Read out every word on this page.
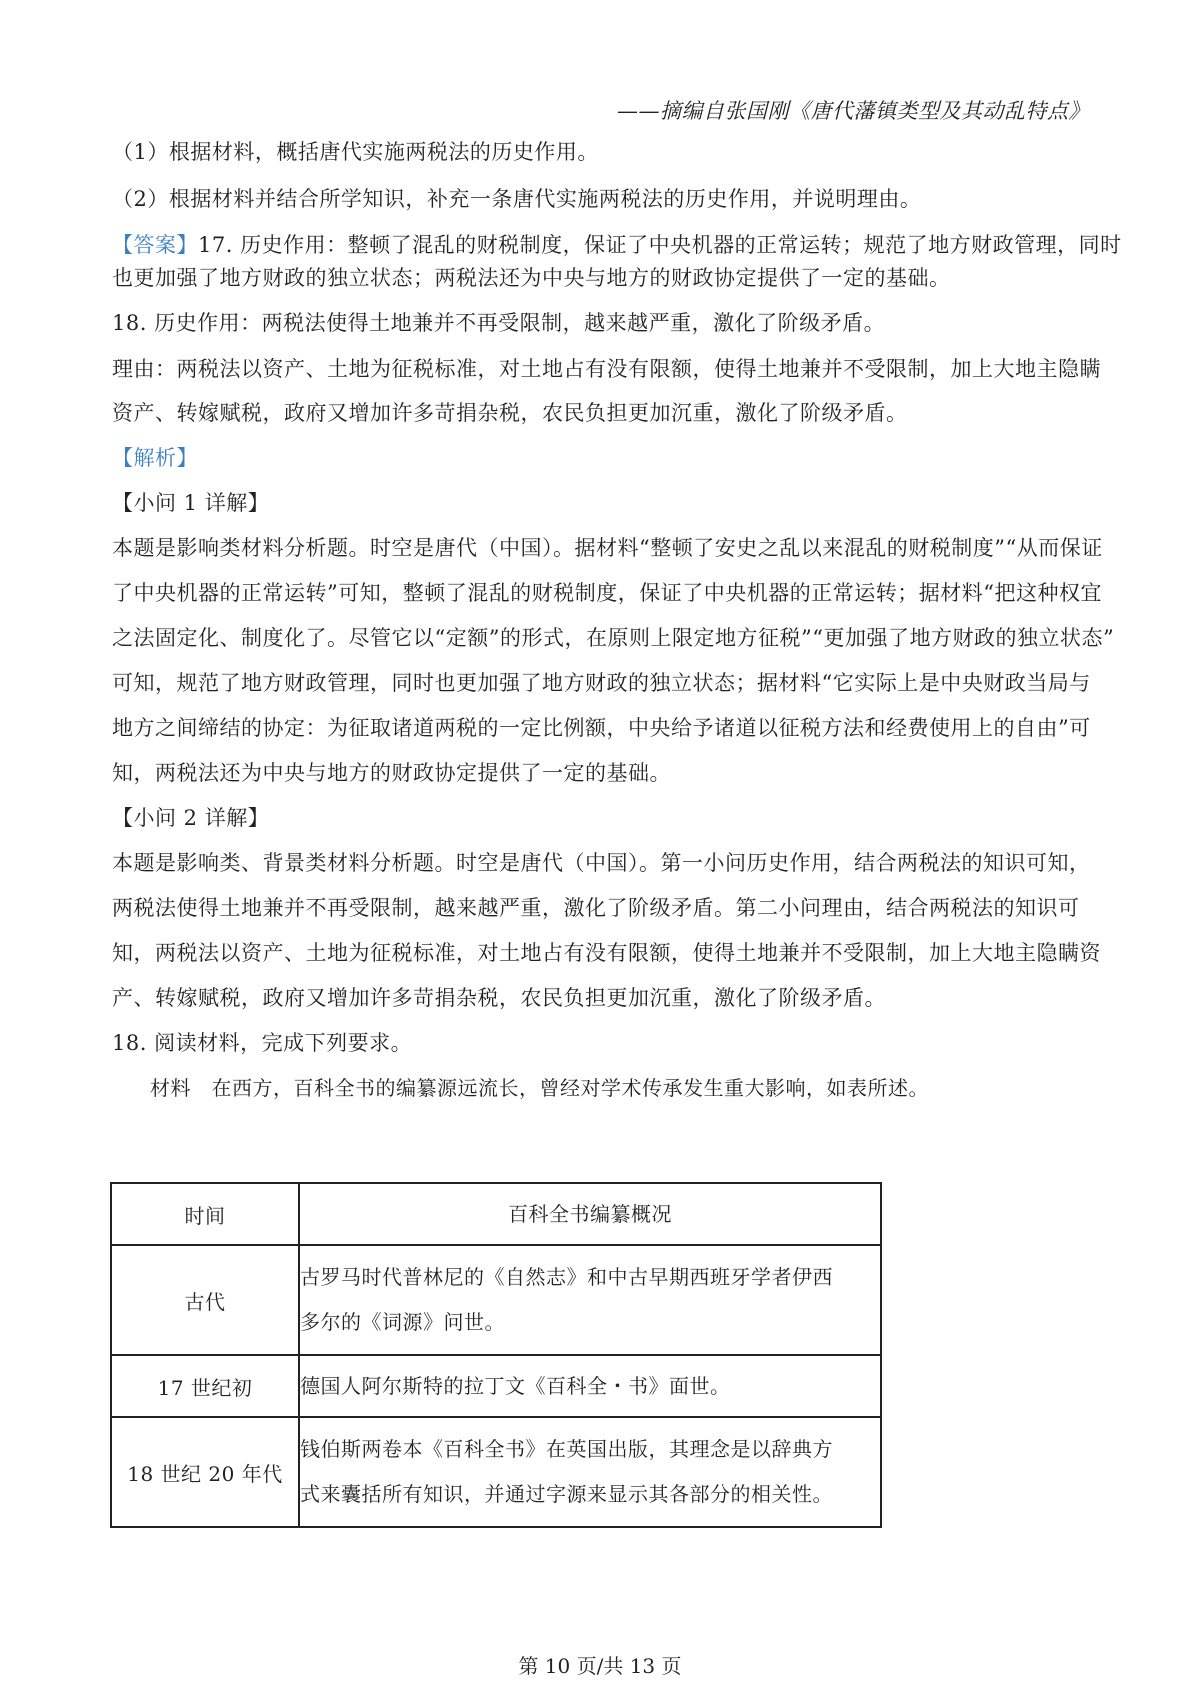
——摘编自张国刚《唐代藩镇类型及其动乱特点》
（1）根据材料，概括唐代实施两税法的历史作用。
（2）根据材料并结合所学知识，补充一条唐代实施两税法的历史作用，并说明理由。
【答案】17. 历史作用：整顿了混乱的财税制度，保证了中央机器的正常运转；规范了地方财政管理，同时
也更加强了地方财政的独立状态；两税法还为中央与地方的财政协定提供了一定的基础。
18. 历史作用：两税法使得土地兼并不再受限制，越来越严重，激化了阶级矛盾。
理由：两税法以资产、土地为征税标准，对土地占有没有限额，使得土地兼并不受限制，加上大地主隐瞒
资产、转嫁赋税，政府又增加许多苛捐杂税，农民负担更加沉重，激化了阶级矛盾。
【解析】
【小问 1 详解】
本题是影响类材料分析题。时空是唐代（中国）。据材料“整顿了安史之乱以来混乱的财税制度”“从而保证
了中央机器的正常运转”可知，整顿了混乱的财税制度，保证了中央机器的正常运转；据材料“把这种权宜
之法固定化、制度化了。尽管它以“定额”的形式，在原则上限定地方征税”“更加强了地方财政的独立状态”
可知，规范了地方财政管理，同时也更加强了地方财政的独立状态；据材料“它实际上是中央财政当局与
地方之间缔结的协定：为征取诸道两税的一定比例额，中央给予诸道以征税方法和经费使用上的自由”可
知，两税法还为中央与地方的财政协定提供了一定的基础。
【小问 2 详解】
本题是影响类、背景类材料分析题。时空是唐代（中国）。第一小问历史作用，结合两税法的知识可知，
两税法使得土地兼并不再受限制，越来越严重，激化了阶级矛盾。第二小问理由，结合两税法的知识可
知，两税法以资产、土地为征税标准，对土地占有没有限额，使得土地兼并不受限制，加上大地主隐瞒资
产、转嫁赋税，政府又增加许多苛捐杂税，农民负担更加沉重，激化了阶级矛盾。
18. 阅读材料，完成下列要求。
材料　在西方，百科全书的编纂源远流长，曾经对学术传承发生重大影响，如表所述。
时间	百科全书编纂概况
古代	古罗马时代普林尼的《自然志》和中古早期西班牙学者伊西
多尔的《词源》问世。

17 世纪初	德国人阿尔斯特的拉丁文《百科全・书》面世。

18 世纪 20 年代	钱伯斯两卷本《百科全书》在英国出版，其理念是以辞典方
式来囊括所有知识，并通过字源来显示其各部分的相关性。
第 10 页/共 13 页
